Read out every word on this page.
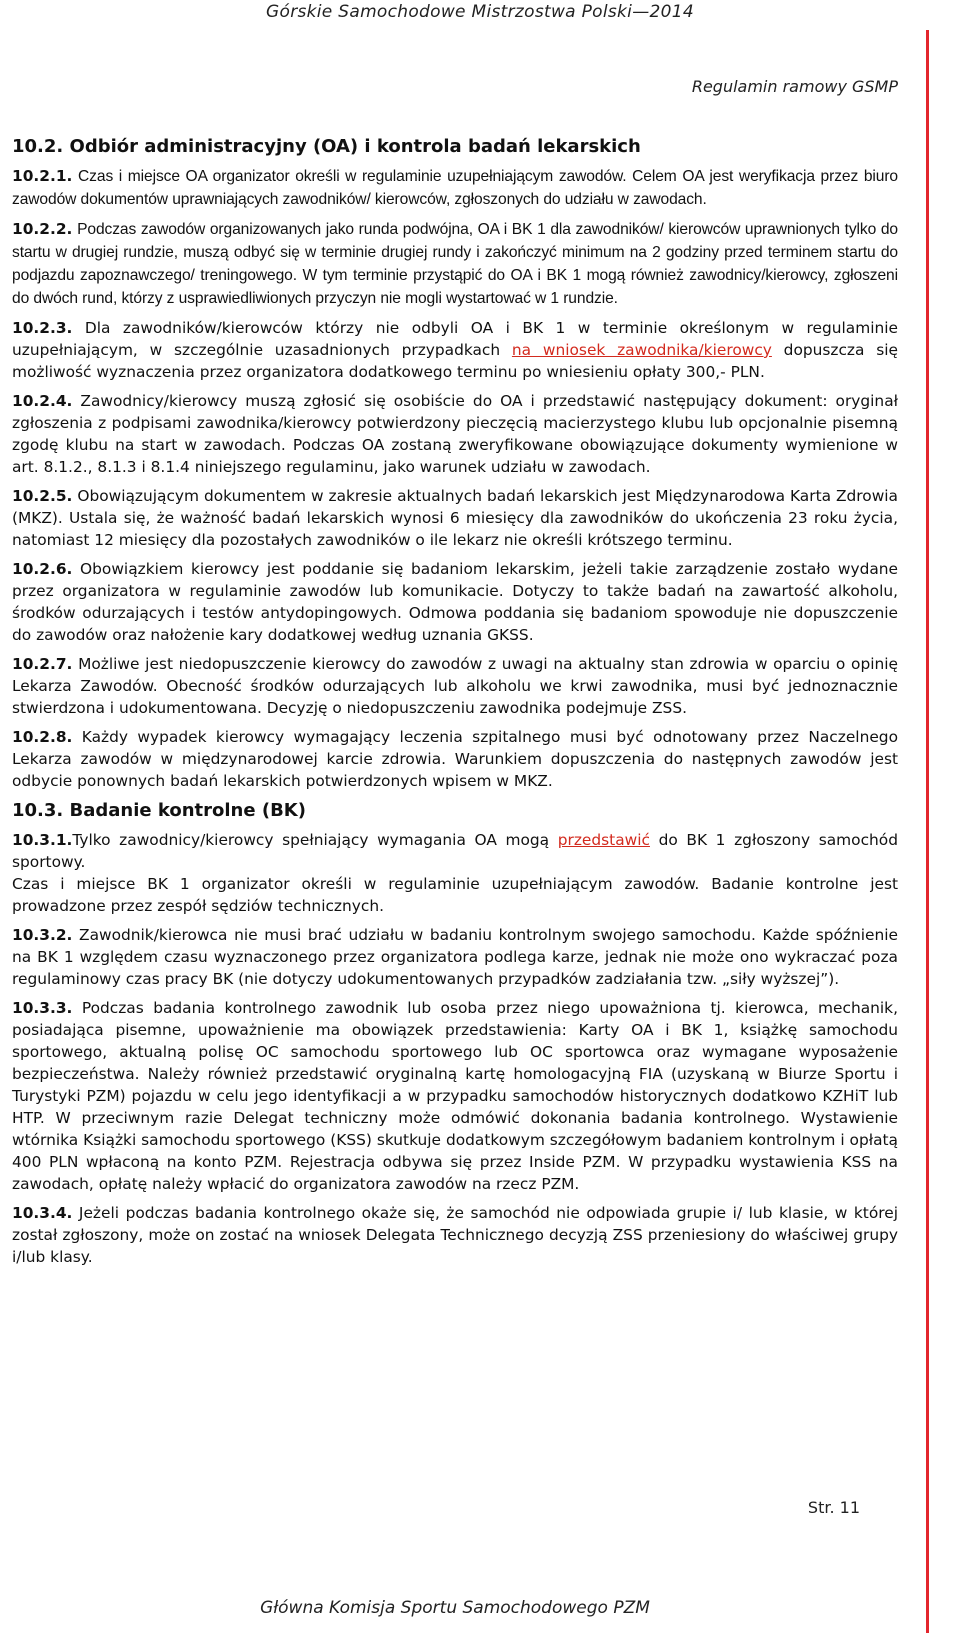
Górskie Samochodowe Mistrzostwa Polski—2014
Regulamin ramowy GSMP
10.2. Odbiór administracyjny (OA) i kontrola badań lekarskich

10.2.1. Czas i miejsce OA organizator określi w regulaminie uzupełniającym zawodów. Celem OA jest weryfikacja przez biuro zawodów dokumentów uprawniających zawodników/ kierowców, zgłoszonych do udziału w zawodach.

10.2.2. Podczas zawodów organizowanych jako runda podwójna, OA i BK 1 dla zawodników/ kierowców uprawnionych tylko do startu w drugiej rundzie, muszą odbyć się w terminie drugiej rundy i zakończyć minimum na 2 godziny przed terminem startu do podjazdu zapoznawczego/ treningowego. W tym terminie przystąpić do OA i BK 1 mogą również zawodnicy/kierowcy, zgłoszeni do dwóch rund, którzy z usprawiedliwionych przyczyn nie mogli wystartować w 1 rundzie.

10.2.3. Dla zawodników/kierowców którzy nie odbyli OA i BK 1 w terminie określonym w regulaminie uzupełniającym, w szczególnie uzasadnionych przypadkach na wniosek zawodnika/kierowcy dopuszcza się możliwość wyznaczenia przez organizatora dodatkowego terminu po wniesieniu opłaty 300,- PLN.

10.2.4. Zawodnicy/kierowcy muszą zgłosić się osobiście do OA i przedstawić następujący dokument: oryginał zgłoszenia z podpisami zawodnika/kierowcy potwierdzony pieczęcią macierzystego klubu lub opcjonalnie pisemną zgodę klubu na start w zawodach. Podczas OA zostaną zweryfikowane obowiązujące dokumenty wymienione w art. 8.1.2., 8.1.3 i 8.1.4 niniejszego regulaminu, jako warunek udziału w zawodach.

10.2.5. Obowiązującym dokumentem w zakresie aktualnych badań lekarskich jest Międzynarodowa Karta Zdrowia (MKZ). Ustala się, że ważność badań lekarskich wynosi 6 miesięcy dla zawodników do ukończenia 23 roku życia, natomiast 12 miesięcy dla pozostałych zawodników o ile lekarz nie określi krótszego terminu.

10.2.6. Obowiązkiem kierowcy jest poddanie się badaniom lekarskim, jeżeli takie zarządzenie zostało wydane przez organizatora w regulaminie zawodów lub komunikacie. Dotyczy to także badań na zawartość alkoholu, środków odurzających i testów antydopingowych. Odmowa poddania się badaniom spowoduje nie dopuszczenie do zawodów oraz nałożenie kary dodatkowej według uznania GKSS.

10.2.7. Możliwe jest niedopuszczenie kierowcy do zawodów z uwagi na aktualny stan zdrowia w oparciu o opinię Lekarza Zawodów. Obecność środków odurzających lub alkoholu we krwi zawodnika, musi być jednoznacznie stwierdzona i udokumentowana. Decyzję o niedopuszczeniu zawodnika podejmuje ZSS.

10.2.8. Każdy wypadek kierowcy wymagający leczenia szpitalnego musi być odnotowany przez Naczelnego Lekarza zawodów w międzynarodowej karcie zdrowia. Warunkiem dopuszczenia do następnych zawodów jest odbycie ponownych badań lekarskich potwierdzonych wpisem w MKZ.

10.3. Badanie kontrolne (BK)

10.3.1.Tylko zawodnicy/kierowcy spełniający wymagania OA mogą przedstawić do BK 1 zgłoszony samochód sportowy.

Czas i miejsce BK 1 organizator określi w regulaminie uzupełniającym zawodów. Badanie kontrolne jest prowadzone przez zespół sędziów technicznych.

10.3.2. Zawodnik/kierowca nie musi brać udziału w badaniu kontrolnym swojego samochodu. Każde spóźnienie na BK 1 względem czasu wyznaczonego przez organizatora podlega karze, jednak nie może ono wykraczać poza regulaminowy czas pracy BK (nie dotyczy udokumentowanych przypadków zadziałania tzw. „siły wyższej”).

10.3.3. Podczas badania kontrolnego zawodnik lub osoba przez niego upoważniona tj. kierowca, mechanik, posiadająca pisemne, upoważnienie ma obowiązek przedstawienia: Karty OA i BK 1, książkę samochodu sportowego, aktualną polisę OC samochodu sportowego lub OC sportowca oraz wymagane wyposażenie bezpieczeństwa. Należy również przedstawić oryginalną kartę homologacyjną FIA (uzyskaną w Biurze Sportu i Turystyki PZM) pojazdu w celu jego identyfikacji a w przypadku samochodów historycznych dodatkowo KZHiT lub HTP. W przeciwnym razie Delegat techniczny może odmówić dokonania badania kontrolnego. Wystawienie wtórnika Książki samochodu sportowego (KSS) skutkuje dodatkowym szczegółowym badaniem kontrolnym i opłatą 400 PLN wpłaconą na konto PZM. Rejestracja odbywa się przez Inside PZM. W przypadku wystawienia KSS na zawodach, opłatę należy wpłacić do organizatora zawodów na rzecz PZM.

10.3.4. Jeżeli podczas badania kontrolnego okaże się, że samochód nie odpowiada grupie i/ lub klasie, w której został zgłoszony, może on zostać na wniosek Delegata Technicznego decyzją ZSS przeniesiony do właściwej grupy i/lub klasy.

Str. 11
Główna Komisja Sportu Samochodowego PZM
